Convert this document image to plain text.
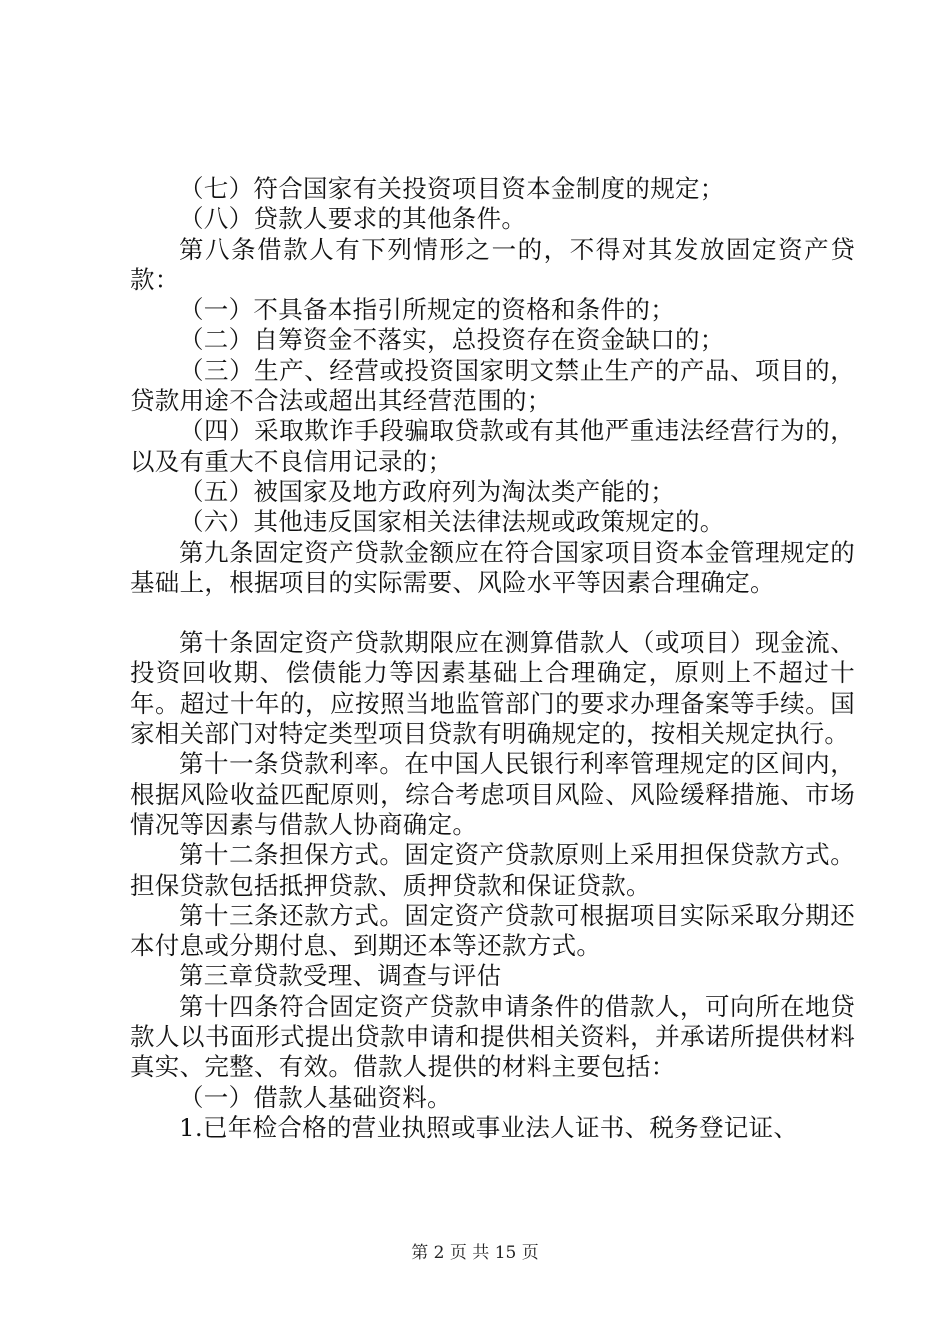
（七）符合国家有关投资项目资本金制度的规定；

（八）贷款人要求的其他条件。

第八条借款人有下列情形之一的，不得对其发放固定资产贷款：

（一）不具备本指引所规定的资格和条件的；

（二）自筹资金不落实，总投资存在资金缺口的；

（三）生产、经营或投资国家明文禁止生产的产品、项目的，贷款用途不合法或超出其经营范围的；

（四）采取欺诈手段骗取贷款或有其他严重违法经营行为的，以及有重大不良信用记录的；

（五）被国家及地方政府列为淘汰类产能的；

（六）其他违反国家相关法律法规或政策规定的。

第九条固定资产贷款金额应在符合国家项目资本金管理规定的基础上，根据项目的实际需要、风险水平等因素合理确定。

第十条固定资产贷款期限应在测算借款人（或项目）现金流、投资回收期、偿债能力等因素基础上合理确定，原则上不超过十年。超过十年的，应按照当地监管部门的要求办理备案等手续。国家相关部门对特定类型项目贷款有明确规定的，按相关规定执行。

第十一条贷款利率。在中国人民银行利率管理规定的区间内，根据风险收益匹配原则，综合考虑项目风险、风险缓释措施、市场情况等因素与借款人协商确定。

第十二条担保方式。固定资产贷款原则上采用担保贷款方式。担保贷款包括抵押贷款、质押贷款和保证贷款。

第十三条还款方式。固定资产贷款可根据项目实际采取分期还本付息或分期付息、到期还本等还款方式。

第三章贷款受理、调查与评估

第十四条符合固定资产贷款申请条件的借款人，可向所在地贷款人以书面形式提出贷款申请和提供相关资料，并承诺所提供材料真实、完整、有效。借款人提供的材料主要包括：

（一）借款人基础资料。

1.已年检合格的营业执照或事业法人证书、税务登记证、

第 2 页 共 15 页
